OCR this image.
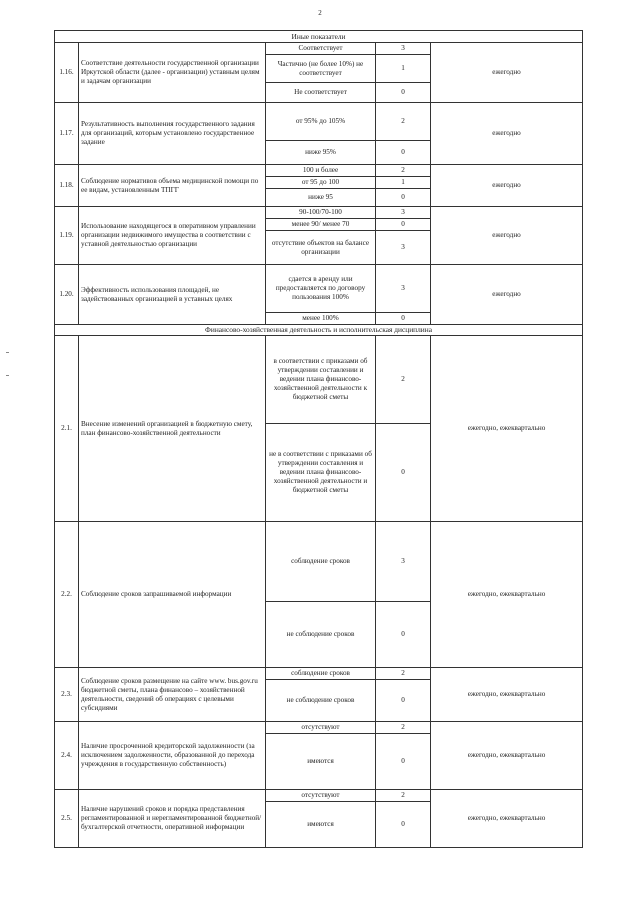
2
Иные показатели				
1.16.	Соответствие деятельности государственной организации Иркутской области (далее - организации) уставным целям и задачам организации	Соответствует	3	ежегодно
		Частично (не более 10%) не соответствует	1	
		Не соответствует	0	
1.17.	Результативность выполнения государственного задания для организаций, которым установлено государственное задание	от 95% до 105%	2	ежегодно
		ниже 95%	0	
1.18.	Соблюдение нормативов объема медицинской помощи по ее видам, установленным ТПГГ	100 и более	2	ежегодно
		от 95 до 100	1	
		ниже 95	0	
1.19.	Использование находящегося в оперативном управлении организации недвижимого имущества в соответствии с уставной деятельностью организации	90-100/70-100	3	ежегодно
		менее 90/ менее 70	0	
		отсутствие объектов на балансе организации	3	
1.20.	Эффективность использования площадей, не задействованных организацией в уставных целях	сдается в аренду или предоставляется по договору пользования 100%	3	ежегодно
		менее 100%	0	
Финансово-хозяйственная деятельность и исполнительская дисциплина				
2.1.	Внесение изменений организацией в бюджетную смету, план финансово-хозяйственной деятельности	в соответствии с приказами об утверждении составлении и ведении плана финансово-хозяйственной деятельности к бюджетной сметы	2	ежегодно, ежеквартально
		не в соответствии с приказами об утверждении составления и ведении плана финансово-хозяйственной деятельности и бюджетной сметы	0	
2.2.	Соблюдение сроков запрашиваемой информации	соблюдение сроков	3	ежегодно, ежеквартально
		не соблюдение сроков	0	
2.3.	Соблюдение сроков размещение на сайте www. bus.gov.ru бюджетной сметы, плана финансово – хозяйственной деятельности, сведений об операциях с целевыми субсидиями	соблюдение сроков	2	ежегодно, ежеквартально
		не соблюдение сроков	0	
2.4.	Наличие просроченной кредиторской задолженности (за исключением задолженности, образованной до перехода учреждения в государственную собственность)	отсутствуют	2	ежегодно, ежеквартально
		имеются	0	
2.5.	Наличие нарушений сроков и порядка представления регламентированной и нерегламентированной бюджетной/бухгалтерской отчетности, оперативной информации	отсутствуют	2	ежегодно, ежеквартально
		имеются	0	
